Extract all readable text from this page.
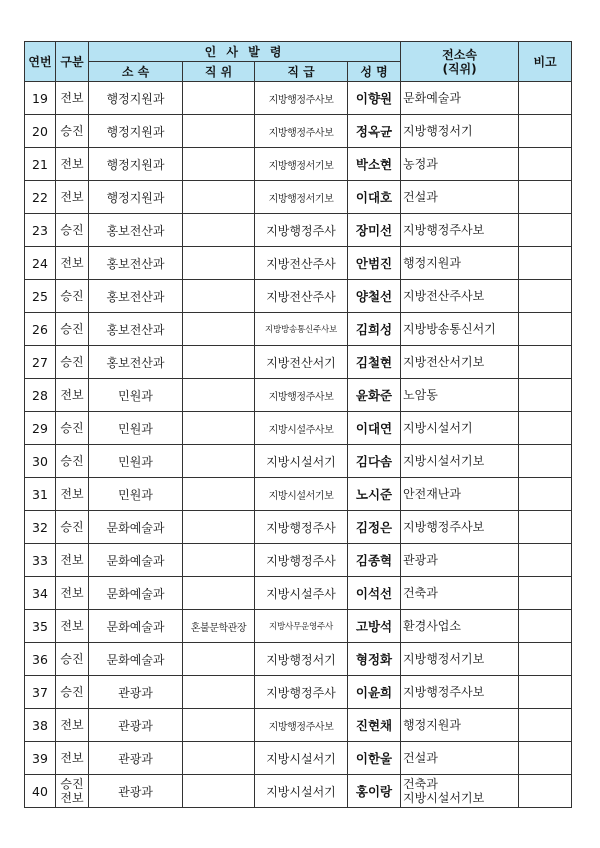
연번	구분	인 사 발 령				전소속
(직위)	비고
		소 속	직 위	직 급	성 명		
19	전보	행정지원과		지방행정주사보	이향원	문화예술과	

20	승진	행정지원과		지방행정주사보	정옥균	지방행정서기	

21	전보	행정지원과		지방행정서기보	박소현	농정과	

22	전보	행정지원과		지방행정서기보	이대호	건설과	

23	승진	홍보전산과		지방행정주사	장미선	지방행정주사보	

24	전보	홍보전산과		지방전산주사	안범진	행정지원과	

25	승진	홍보전산과		지방전산주사	양철선	지방전산주사보	

26	승진	홍보전산과		지방방송통신주사보	김희성	지방방송통신서기	

27	승진	홍보전산과		지방전산서기	김철현	지방전산서기보	

28	전보	민원과		지방행정주사보	윤화준	노암동	

29	승진	민원과		지방시설주사보	이대연	지방시설서기	

30	승진	민원과		지방시설서기	김다솜	지방시설서기보	

31	전보	민원과		지방시설서기보	노시준	안전재난과	

32	승진	문화예술과		지방행정주사	김정은	지방행정주사보	

33	전보	문화예술과		지방행정주사	김종혁	관광과	

34	전보	문화예술과		지방시설주사	이석선	건축과	

35	전보	문화예술과	혼불문학관장	지방사무운영주사	고방석	환경사업소	

36	승진	문화예술과		지방행정서기	형정화	지방행정서기보	

37	승진	관광과		지방행정주사	이윤희	지방행정주사보	

38	전보	관광과		지방행정주사보	진현채	행정지원과	

39	전보	관광과		지방시설서기	이한울	건설과	

40	승진
전보	관광과		지방시설서기	홍이랑	건축과
지방시설서기보	
